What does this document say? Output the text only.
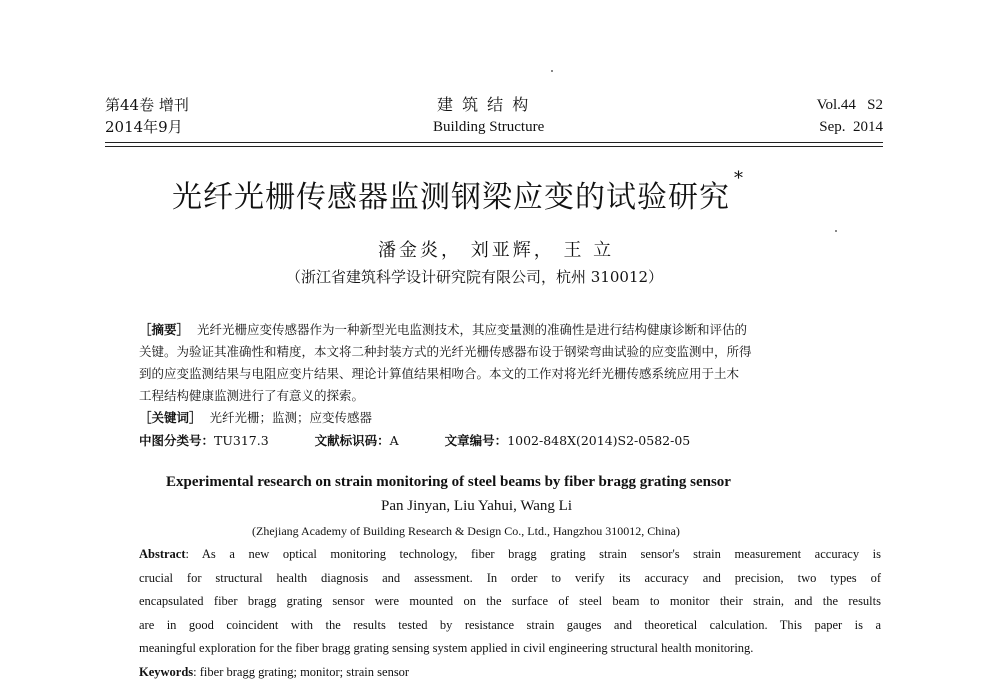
第44卷 增刊
2014年9月
建 筑 结 构
Building Structure
Vol.44   S2
Sep.  2014
光纤光栅传感器监测钢梁应变的试验研究*
潘金炎， 刘亚辉， 王 立
（浙江省建筑科学设计研究院有限公司，杭州 310012）
［摘要］ 光纤光栅应变传感器作为一种新型光电监测技术，其应变量测的准确性是进行结构健康诊断和评估的
关键。为验证其准确性和精度，本文将二种封装方式的光纤光栅传感器布设于钢梁弯曲试验的应变监测中，所得
到的应变监测结果与电阻应变片结果、理论计算值结果相吻合。本文的工作对将光纤光栅传感系统应用于土木
工程结构健康监测进行了有意义的探索。
［关键词］ 光纤光栅；监测；应变传感器
中图分类号：TU317.3	文献标识码：A	文章编号：1002-848X(2014)S2-0582-05
Experimental research on strain monitoring of steel beams by fiber bragg grating sensor
Pan Jinyan, Liu Yahui, Wang Li
(Zhejiang Academy of Building Research & Design Co., Ltd., Hangzhou 310012, China)
Abstract: As a new optical monitoring technology, fiber bragg grating strain sensor's strain measurement accuracy is
crucial for structural health diagnosis and assessment. In order to verify its accuracy and precision, two types of
encapsulated fiber bragg grating sensor were mounted on the surface of steel beam to monitor their strain, and the results
are in good coincident with the results tested by resistance strain gauges and theoretical calculation. This paper is a
meaningful exploration for the fiber bragg grating sensing system applied in civil engineering structural health monitoring.
Keywords: fiber bragg grating; monitor; strain sensor
